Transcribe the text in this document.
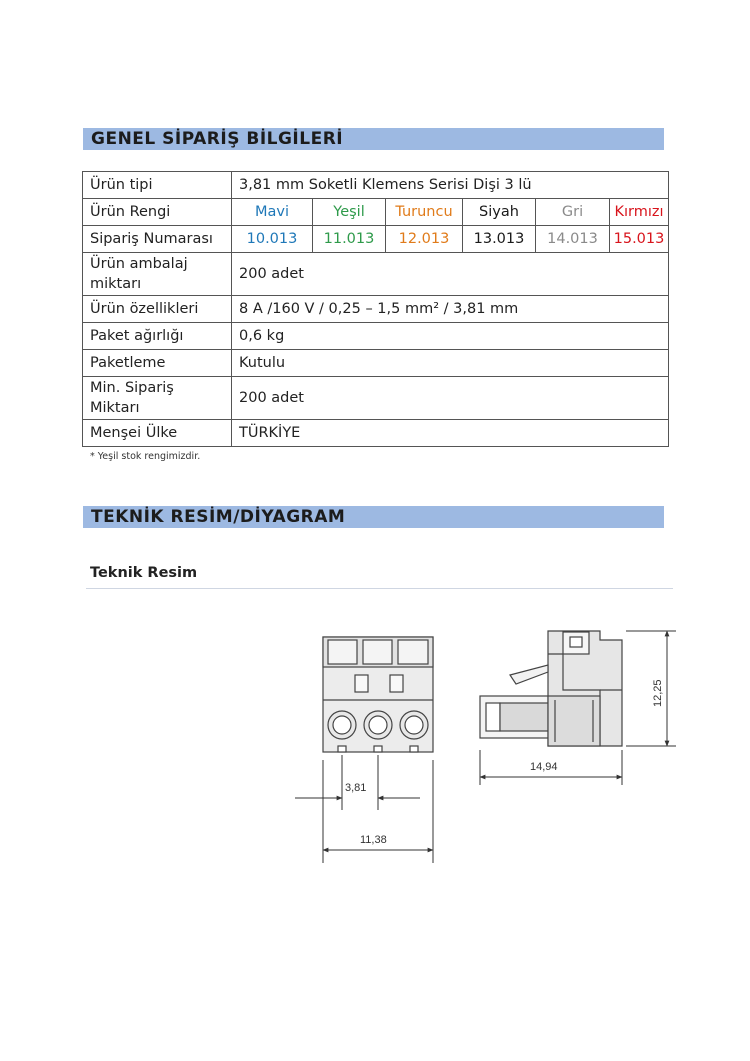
GENEL SİPARİŞ BİLGİLERİ
Ürün tipi	3,81 mm Soketli Klemens Serisi Dişi 3 lü					
Ürün Rengi	Mavi	Yeşil	Turuncu	Siyah	Gri	Kırmızı
Sipariş Numarası	10.013	11.013	12.013	13.013	14.013	15.013
Ürün ambalaj miktarı	200 adet					
Ürün özellikleri	8 A /160 V / 0,25 – 1,5 mm² / 3,81 mm					
Paket ağırlığı	0,6 kg					
Paketleme	Kutulu					
Min. Sipariş Miktarı	200 adet					
Menşei Ülke	TÜRKİYE					
* Yeşil stok rengimizdir.
TEKNİK RESİM/DİYAGRAM
Teknik Resim
3,81
11,38
14,94
12,25
